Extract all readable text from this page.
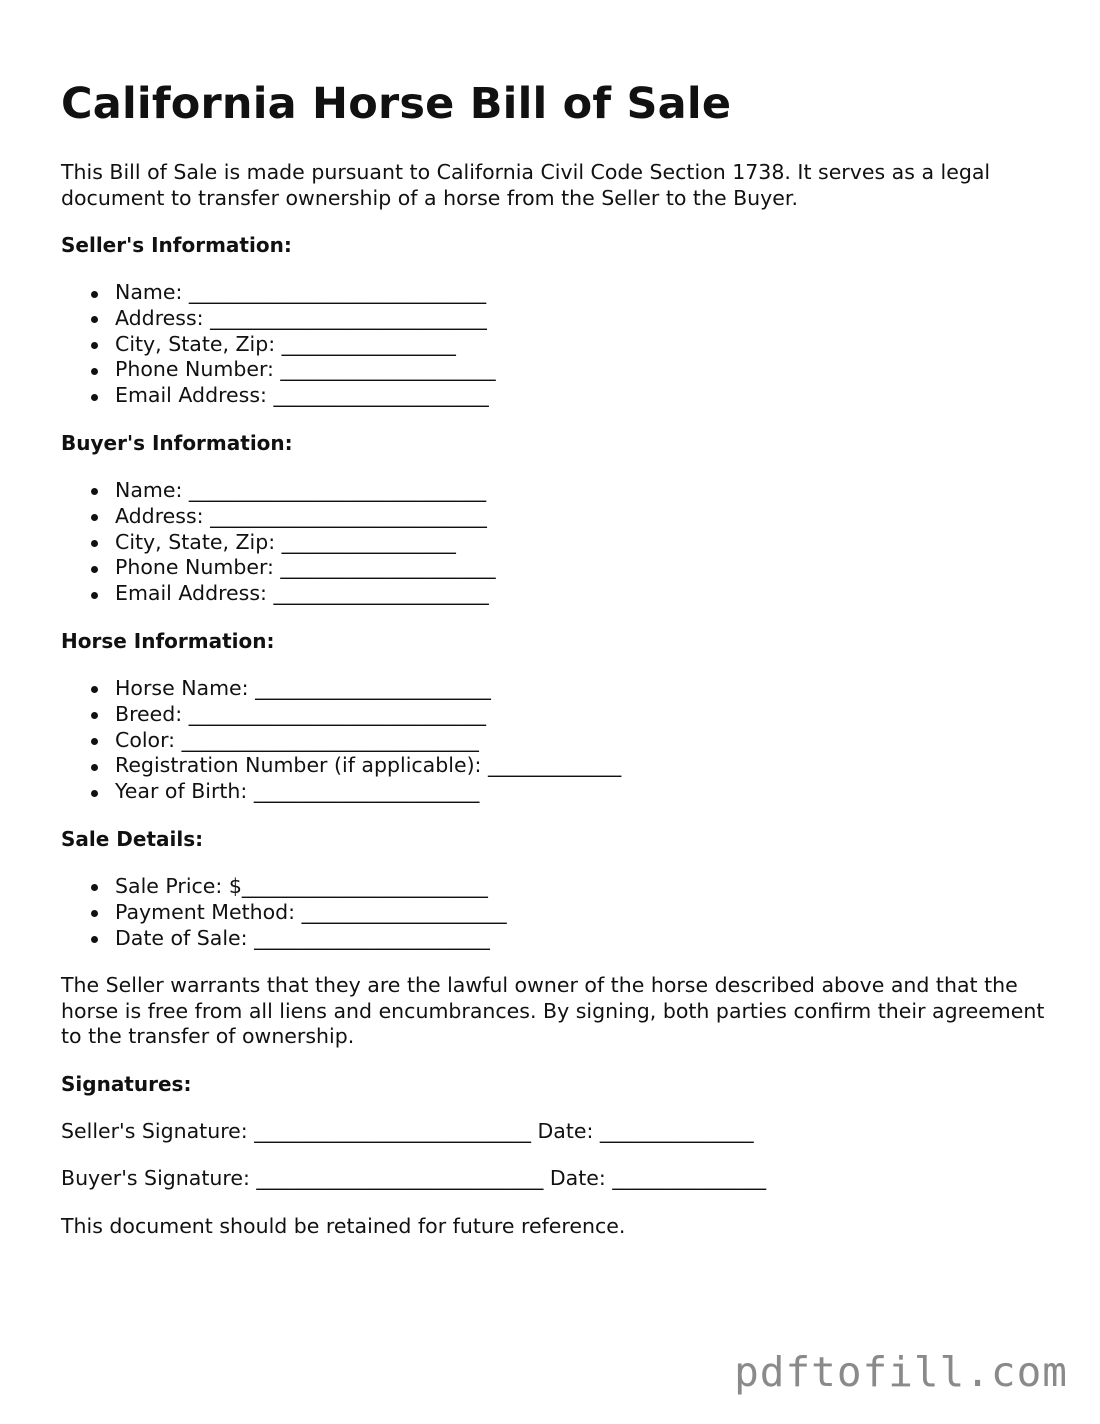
California Horse Bill of Sale

This Bill of Sale is made pursuant to California Civil Code Section 1738. It serves as a legal document to transfer ownership of a horse from the Seller to the Buyer.

Seller's Information:
Name: _____________________________
Address: ___________________________
City, State, Zip: _________________
Phone Number: _____________________
Email Address: _____________________
Buyer's Information:
Name: _____________________________
Address: ___________________________
City, State, Zip: _________________
Phone Number: _____________________
Email Address: _____________________
Horse Information:
Horse Name: _______________________
Breed: _____________________________
Color: _____________________________
Registration Number (if applicable): _____________
Year of Birth: ______________________
Sale Details:
Sale Price: $________________________
Payment Method: ____________________
Date of Sale: _______________________

The Seller warrants that they are the lawful owner of the horse described above and that the horse is free from all liens and encumbrances. By signing, both parties confirm their agreement to the transfer of ownership.

Signatures:

Seller's Signature: ___________________________ Date: _______________

Buyer's Signature: ____________________________ Date: _______________

This document should be retained for future reference.

pdftofill.com
